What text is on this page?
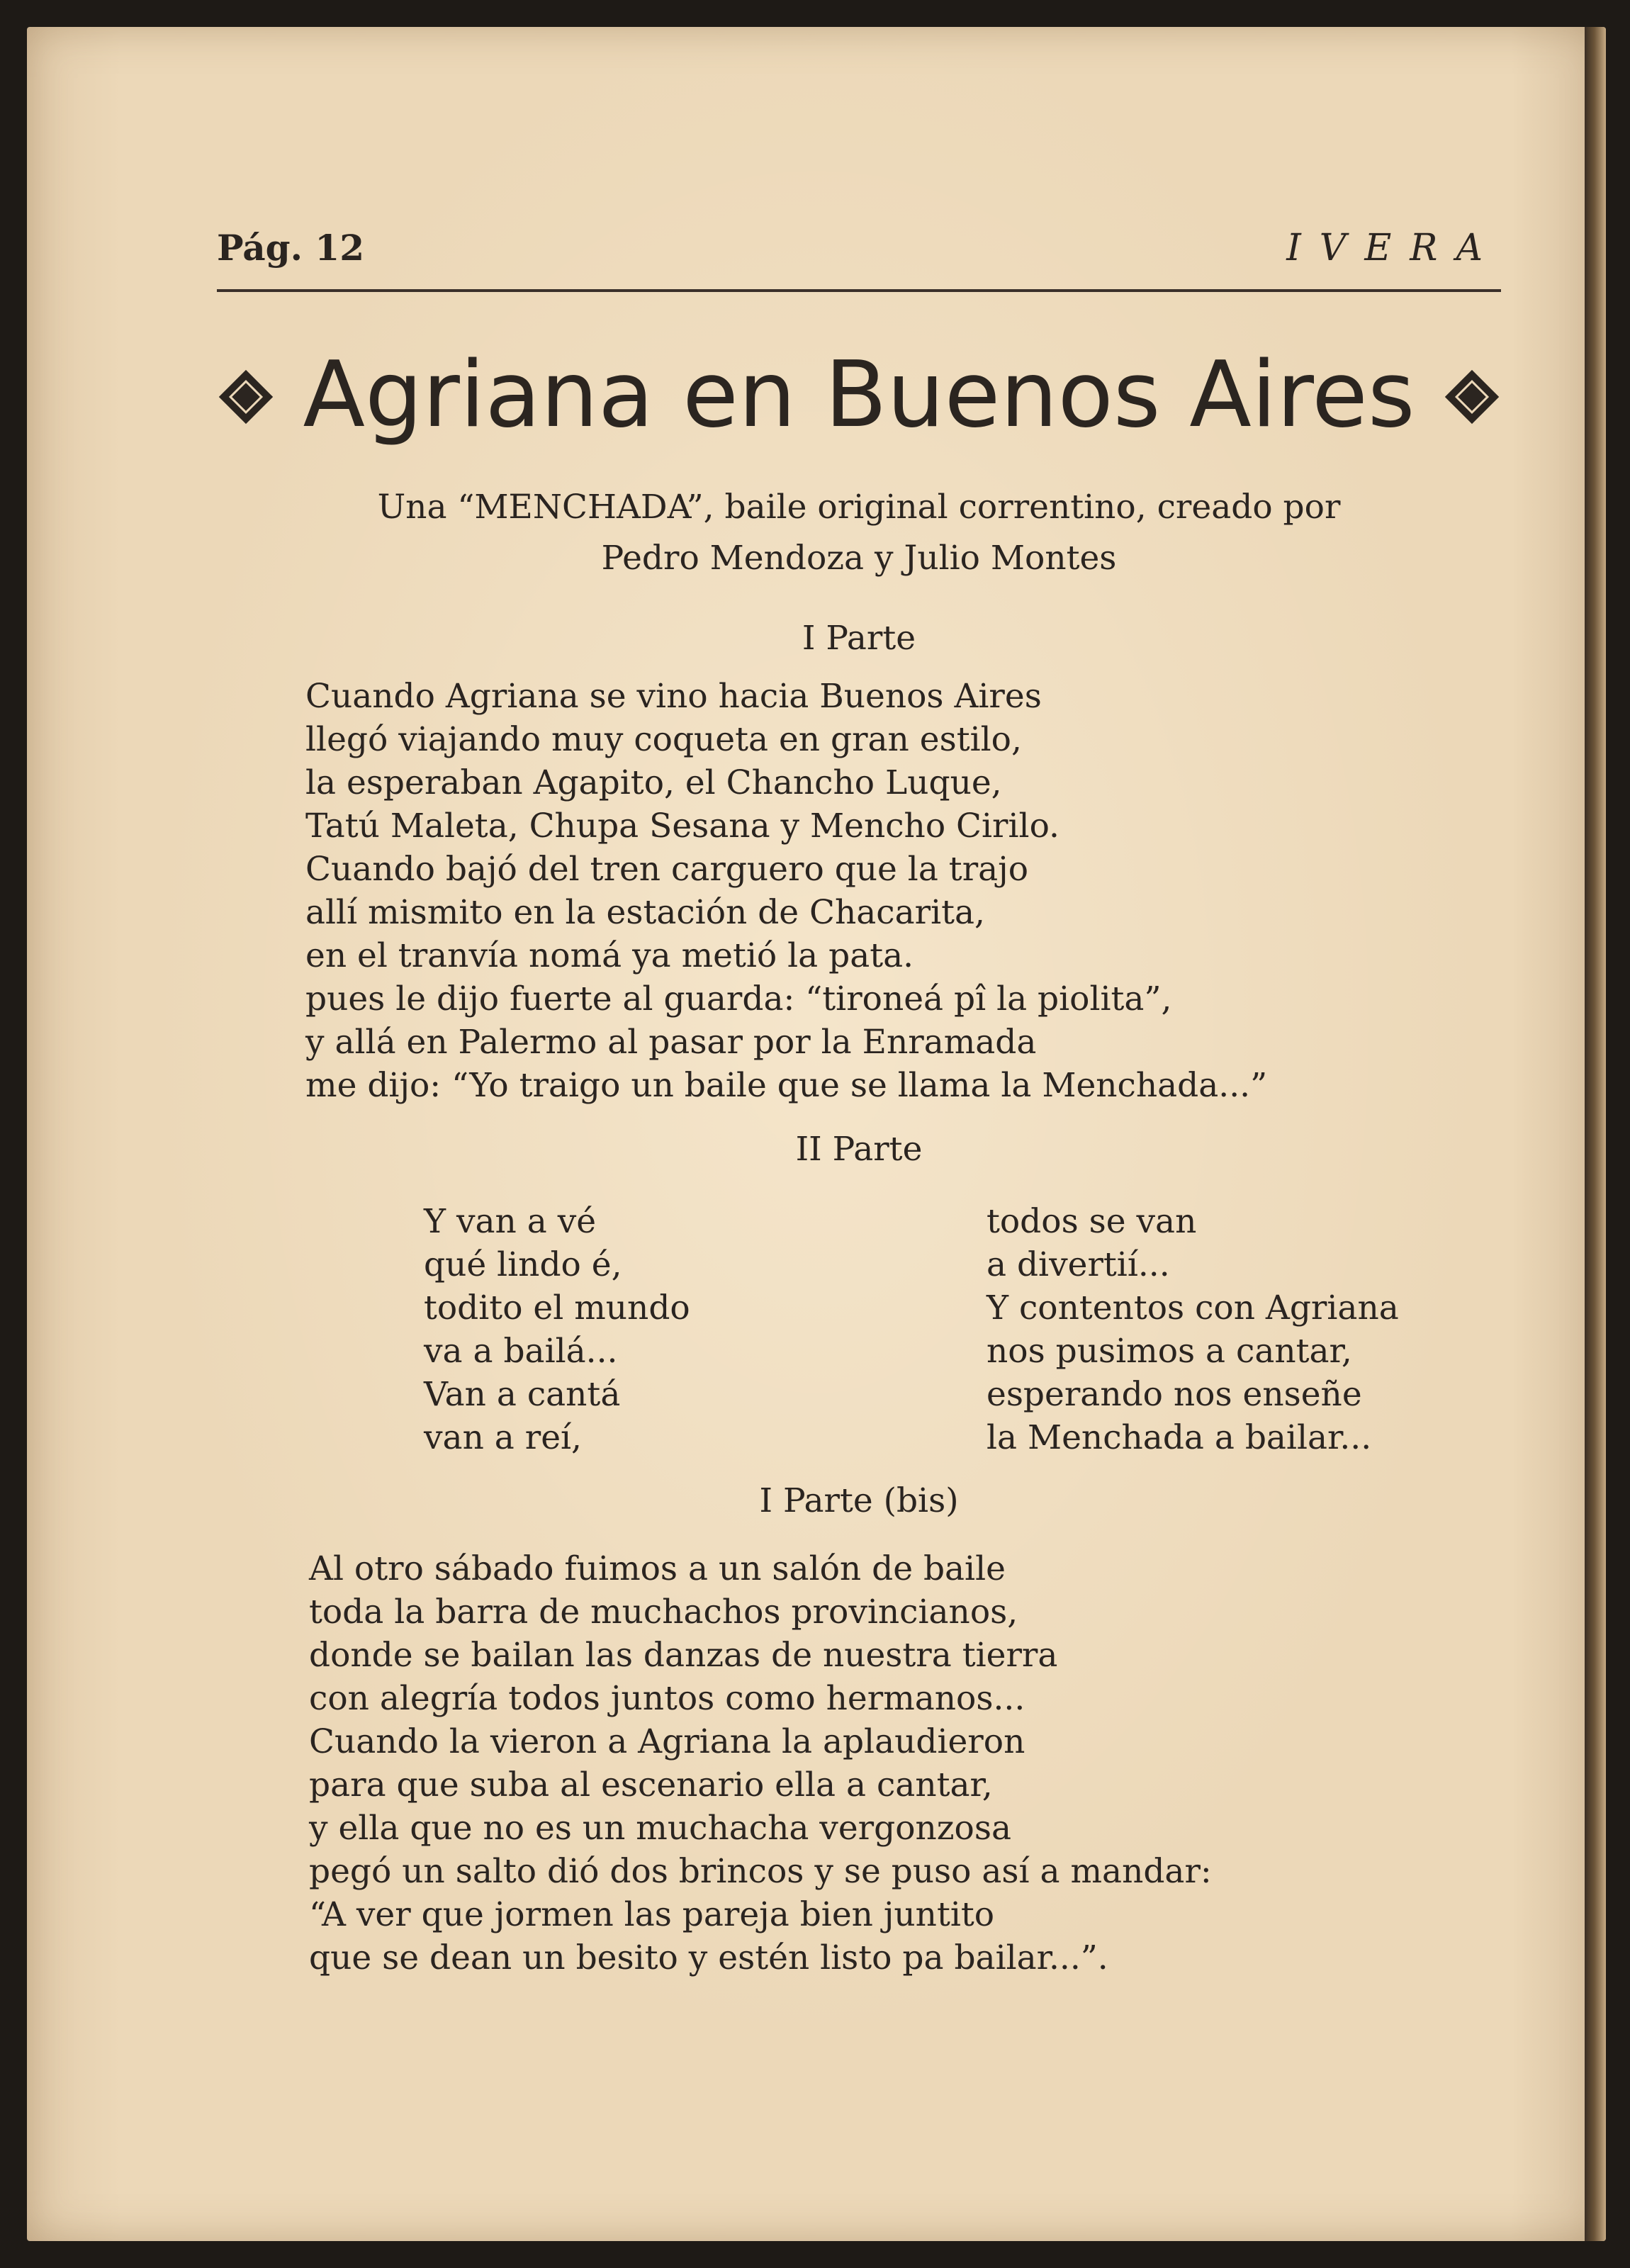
Pág. 12	IVERA
Agriana en Buenos Aires
Una “MENCHADA”, baile original correntino, creado por
Pedro Mendoza y Julio Montes
I Parte
Cuando Agriana se vino hacia Buenos Aires
llegó viajando muy coqueta en gran estilo,
la esperaban Agapito, el Chancho Luque,
Tatú Maleta, Chupa Sesana y Mencho Cirilo.
Cuando bajó del tren carguero que la trajo
allí mismito en la estación de Chacarita,
en el tranvía nomá ya metió la pata.
pues le dijo fuerte al guarda: “tironeá pî la piolita”,
y allá en Palermo al pasar por la Enramada
me dijo: “Yo traigo un baile que se llama la Menchada...”
II Parte
Y van a vé
qué lindo é,
todito el mundo
va a bailá...
Van a cantá
van a reí,
todos se van
a divertií...
Y contentos con Agriana
nos pusimos a cantar,
esperando nos enseñe
la Menchada a bailar...
I Parte (bis)
Al otro sábado fuimos a un salón de baile
toda la barra de muchachos provincianos,
donde se bailan las danzas de nuestra tierra
con alegría todos juntos como hermanos...
Cuando la vieron a Agriana la aplaudieron
para que suba al escenario ella a cantar,
y ella que no es un muchacha vergonzosa
pegó un salto dió dos brincos y se puso así a mandar:
“A ver que jormen las pareja bien juntito
que se dean un besito y estén listo pa bailar...”.
